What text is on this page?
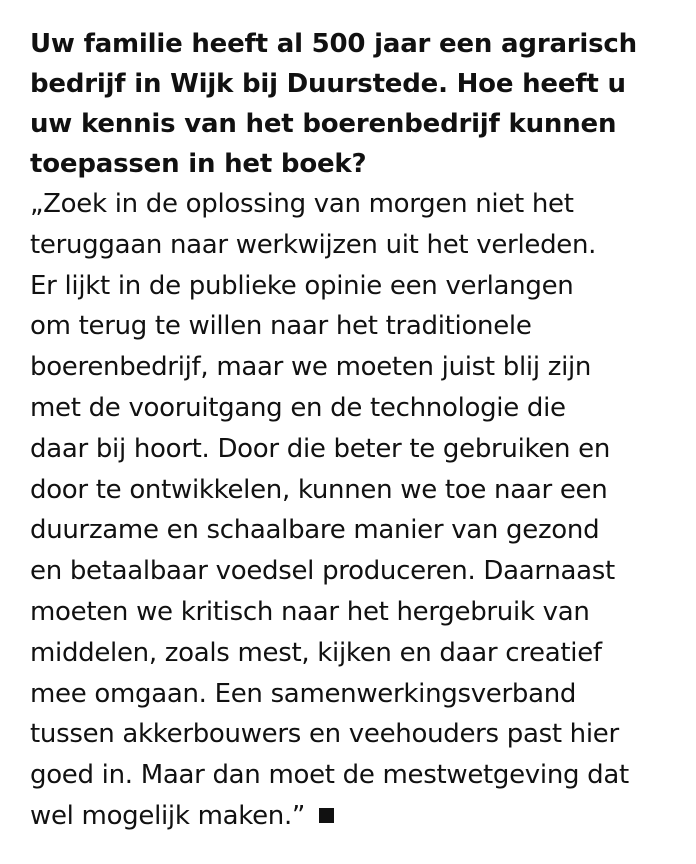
Uw familie heeft al 500 jaar een agrarisch
bedrijf in Wijk bij Duurstede. Hoe heeft u
uw kennis van het boerenbedrijf kunnen
toepassen in het boek?

„Zoek in de oplossing van morgen niet het
teruggaan naar werkwijzen uit het verleden.
Er lijkt in de publieke opinie een verlangen
om terug te willen naar het traditionele
boerenbedrijf, maar we moeten juist blij zijn
met de vooruitgang en de technologie die
daar bij hoort. Door die beter te gebruiken en
door te ontwikkelen, kunnen we toe naar een
duurzame en schaalbare manier van gezond
en betaalbaar voedsel produceren. Daarnaast
moeten we kritisch naar het hergebruik van
middelen, zoals mest, kijken en daar creatief
mee omgaan. Een samenwerkingsverband
tussen akkerbouwers en veehouders past hier
goed in. Maar dan moet de mestwetgeving dat
wel mogelijk maken.”
